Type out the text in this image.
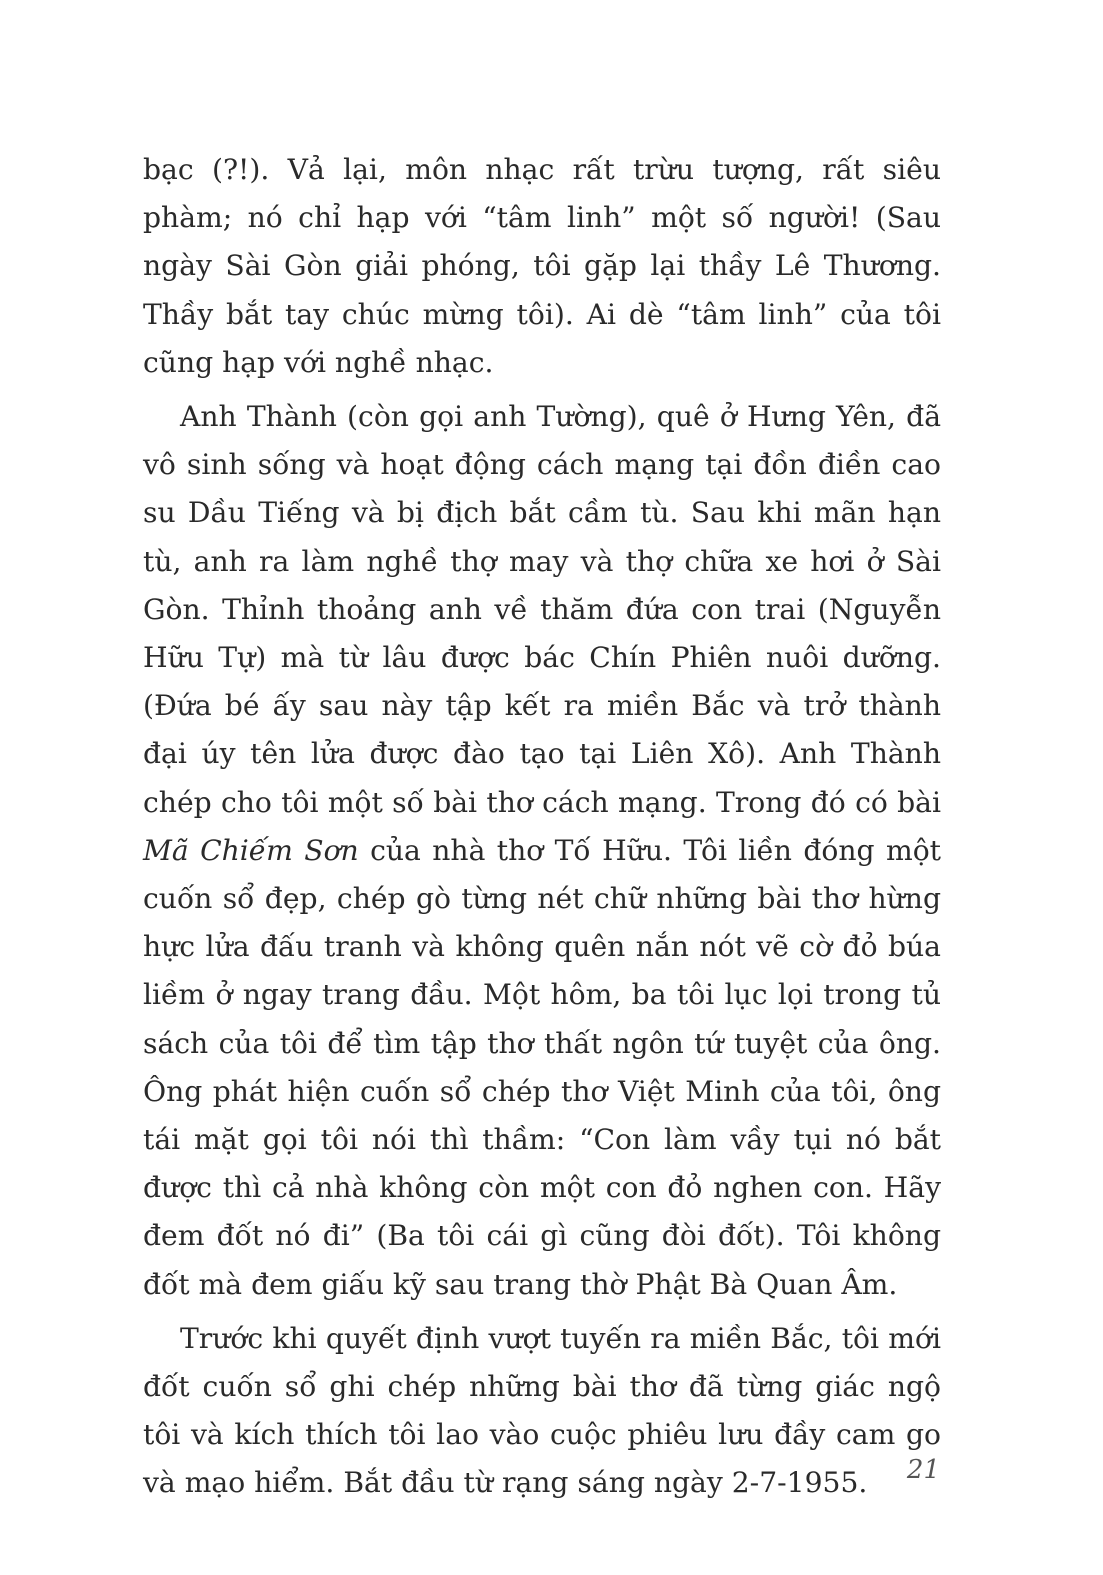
bạc (?!). Vả lại, môn nhạc rất trừu tượng, rất siêu phàm; nó chỉ hạp với “tâm linh” một số người! (Sau ngày Sài Gòn giải phóng, tôi gặp lại thầy Lê Thương. Thầy bắt tay chúc mừng tôi). Ai dè “tâm linh” của tôi cũng hạp với nghề nhạc.

Anh Thành (còn gọi anh Tường), quê ở Hưng Yên, đã vô sinh sống và hoạt động cách mạng tại đồn điền cao su Dầu Tiếng và bị địch bắt cầm tù. Sau khi mãn hạn tù, anh ra làm nghề thợ may và thợ chữa xe hơi ở Sài Gòn. Thỉnh thoảng anh về thăm đứa con trai (Nguyễn Hữu Tự) mà từ lâu được bác Chín Phiên nuôi dưỡng. (Đứa bé ấy sau này tập kết ra miền Bắc và trở thành đại úy tên lửa được đào tạo tại Liên Xô). Anh Thành chép cho tôi một số bài thơ cách mạng. Trong đó có bài Mã Chiếm Sơn của nhà thơ Tố Hữu. Tôi liền đóng một cuốn sổ đẹp, chép gò từng nét chữ những bài thơ hừng hực lửa đấu tranh và không quên nắn nót vẽ cờ đỏ búa liềm ở ngay trang đầu. Một hôm, ba tôi lục lọi trong tủ sách của tôi để tìm tập thơ thất ngôn tứ tuyệt của ông. Ông phát hiện cuốn sổ chép thơ Việt Minh của tôi, ông tái mặt gọi tôi nói thì thầm: “Con làm vầy tụi nó bắt được thì cả nhà không còn một con đỏ nghen con. Hãy đem đốt nó đi” (Ba tôi cái gì cũng đòi đốt). Tôi không đốt mà đem giấu kỹ sau trang thờ Phật Bà Quan Âm.

Trước khi quyết định vượt tuyến ra miền Bắc, tôi mới đốt cuốn sổ ghi chép những bài thơ đã từng giác ngộ tôi và kích thích tôi lao vào cuộc phiêu lưu đầy cam go và mạo hiểm. Bắt đầu từ rạng sáng ngày 2-7-1955.	21
